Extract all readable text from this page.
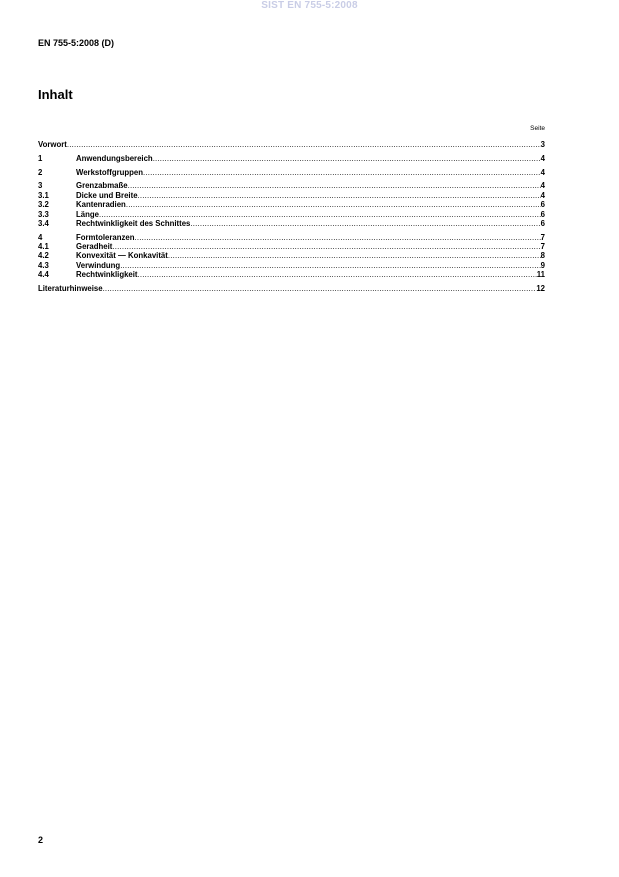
SIST EN 755-5:2008
EN 755-5:2008 (D)
Inhalt
Seite
Vorwort .....	3
1	Anwendungsbereich .....	4
2	Werkstoffgruppen .....	4
3	Grenzabmaße .....	4
3.1	Dicke und Breite .....	4
3.2	Kantenradien .....	6
3.3	Länge .....	6
3.4	Rechtwinkligkeit des Schnittes .....	6
4	Formtoleranzen .....	7
4.1	Geradheit .....	7
4.2	Konvexität — Konkavität .....	8
4.3	Verwindung .....	9
4.4	Rechtwinkligkeit .....	11
Literaturhinweise .....	12
2
